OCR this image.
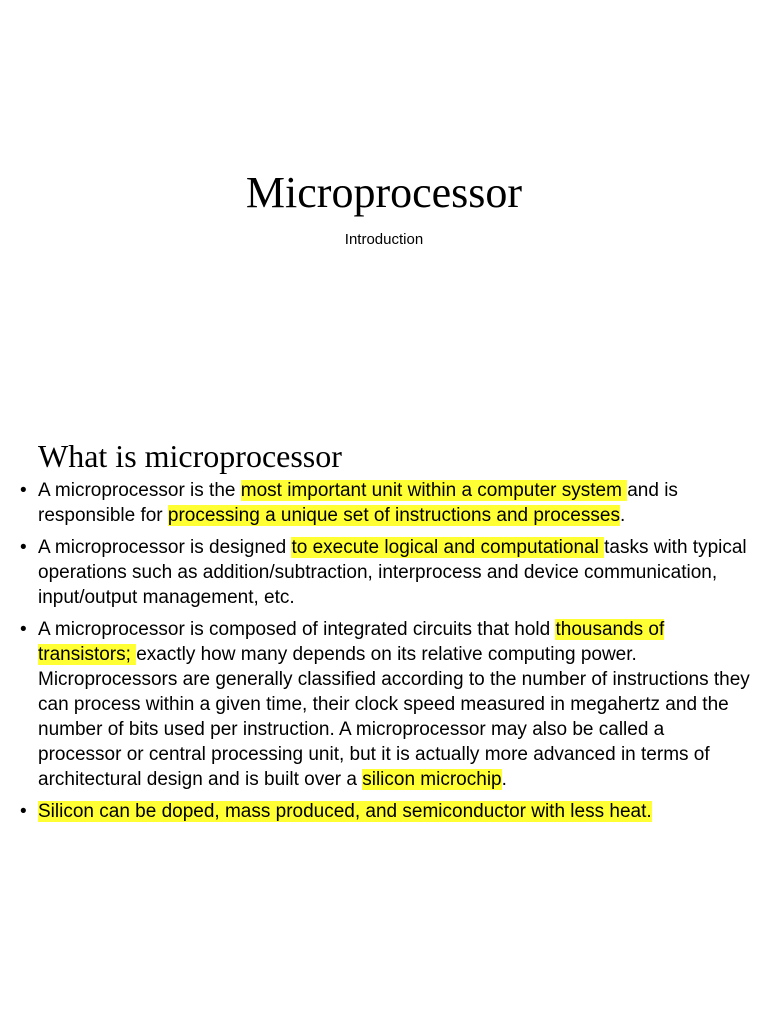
Microprocessor
Introduction
What is microprocessor
• A microprocessor is the most important unit within a computer system and is responsible for processing a unique set of instructions and processes.
• A microprocessor is designed to execute logical and computational tasks with typical operations such as addition/subtraction, interprocess and device communication, input/output management, etc.
• A microprocessor is composed of integrated circuits that hold thousands of transistors; exactly how many depends on its relative computing power. Microprocessors are generally classified according to the number of instructions they can process within a given time, their clock speed measured in megahertz and the number of bits used per instruction. A microprocessor may also be called a processor or central processing unit, but it is actually more advanced in terms of architectural design and is built over a silicon microchip.
• Silicon can be doped, mass produced, and semiconductor with less heat.
